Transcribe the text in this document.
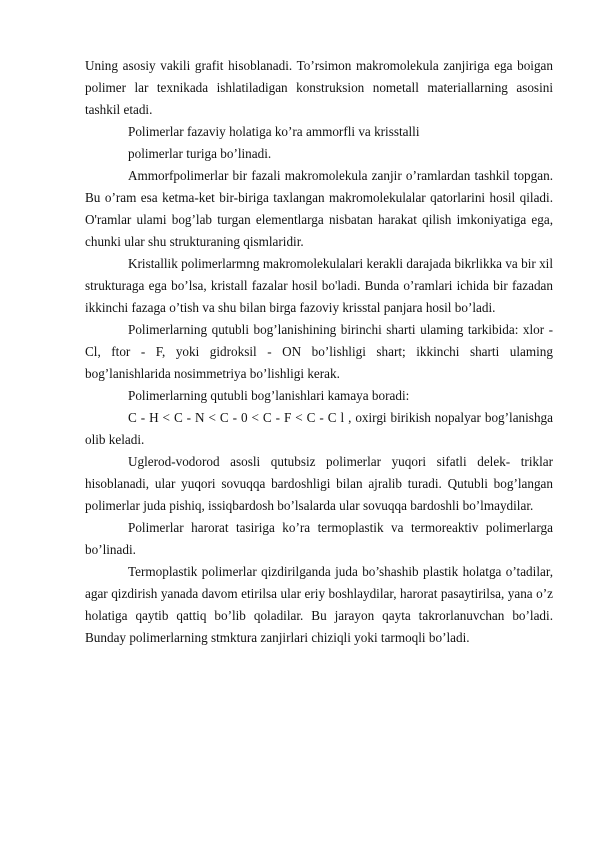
Uning asosiy vakili grafit hisoblanadi. To’rsimon makromolekula zanjiriga ega boigan polimer lar texnikada ishlatiladigan konstruksion nometall materiallarning asosini tashkil etadi.

Polimerlar fazaviy holatiga ko’ra ammorfli va krisstalli

polimerlar turiga bo’linadi.

Ammorfpolimerlar bir fazali makromolekula zanjir o’ramlardan tashkil topgan. Bu o’ram esa ketma-ket bir-biriga taxlangan makromolekulalar qatorlarini hosil qiladi. O'ramlar ulami bog’lab turgan elementlarga nisbatan harakat qilish imkoniyatiga ega, chunki ular shu strukturaning qismlaridir.

Kristallik polimerlarmng makromolekulalari kerakli darajada bikrlikka va bir xil strukturaga ega bo’lsa, kristall fazalar hosil bo'ladi. Bunda o’ramlari ichida bir fazadan ikkinchi fazaga o’tish va shu bilan birga fazoviy krisstal panjara hosil bo’ladi.

Polimerlarning qutubli bog’lanishining birinchi sharti ulaming tarkibida: xlor - Cl, ftor - F, yoki gidroksil - ON bo’lishligi shart; ikkinchi sharti ulaming bog’lanishlarida nosimmetriya bo’lishligi kerak.

Polimerlarning qutubli bog’lanishlari kamaya boradi:

C - H < C - N < C - 0 < C - F < C - C l , oxirgi birikish nopalyar bog’lanishga olib keladi.

Uglerod-vodorod asosli qutubsiz polimerlar yuqori sifatli delek- triklar hisoblanadi, ular yuqori sovuqqa bardoshligi bilan ajralib turadi. Qutubli bog’langan polimerlar juda pishiq, issiqbardosh bo’lsalarda ular sovuqqa bardoshli bo’lmaydilar.

Polimerlar harorat tasiriga ko’ra termoplastik va termoreaktiv polimerlarga bo’linadi.

Termoplastik polimerlar qizdirilganda juda bo’shashib plastik holatga o’tadilar, agar qizdirish yanada davom etirilsa ular eriy boshlaydilar, harorat pasaytirilsa, yana o’z holatiga qaytib qattiq bo’lib qoladilar. Bu jarayon qayta takrorlanuvchan bo’ladi. Bunday polimerlarning stmktura zanjirlari chiziqli yoki tarmoqli bo’ladi.
